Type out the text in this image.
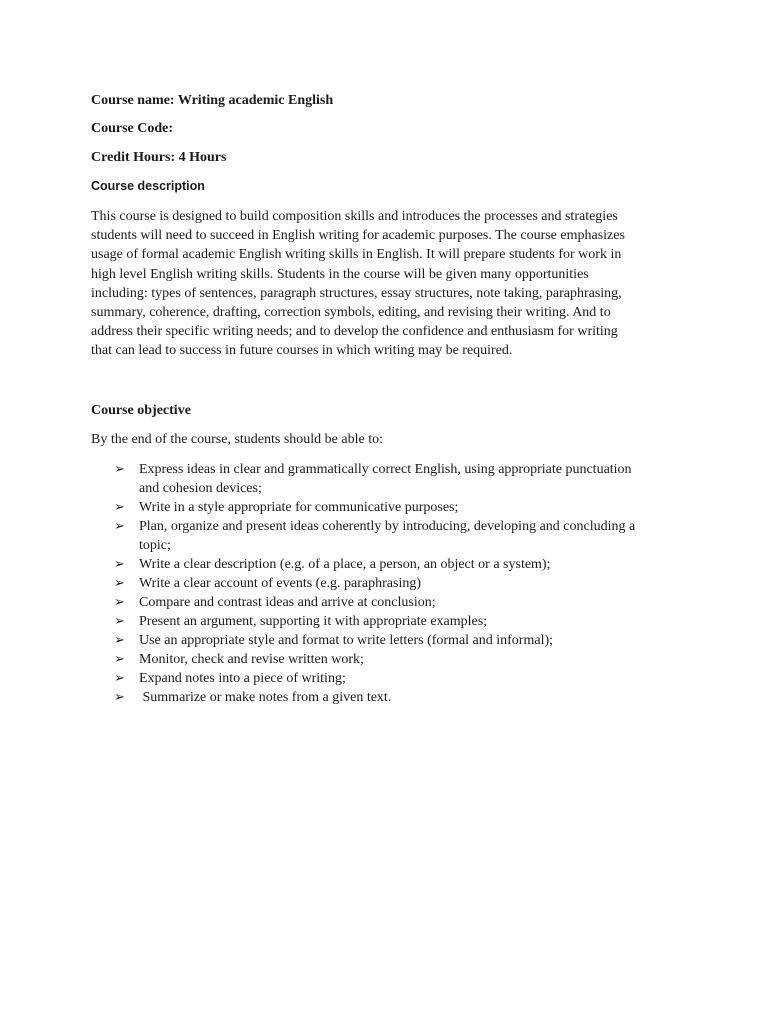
Course name: Writing academic English
Course Code:
Credit Hours: 4 Hours
Course description
This course is designed to build composition skills and introduces the processes and strategies
students will need to succeed in English writing for academic purposes. The course emphasizes
usage of formal academic English writing skills in English. It will prepare students for work in
high level English writing skills. Students in the course will be given many opportunities
including: types of sentences, paragraph structures, essay structures, note taking, paraphrasing,
summary, coherence, drafting, correction symbols, editing, and revising their writing. And to
address their specific writing needs; and to develop the confidence and enthusiasm for writing
that can lead to success in future courses in which writing may be required.
Course objective
By the end of the course, students should be able to:
➢ Express ideas in clear and grammatically correct English, using appropriate punctuation
and cohesion devices;
➢ Write in a style appropriate for communicative purposes;
➢ Plan, organize and present ideas coherently by introducing, developing and concluding a
topic;
➢ Write a clear description (e.g. of a place, a person, an object or a system);
➢ Write a clear account of events (e.g. paraphrasing)
➢ Compare and contrast ideas and arrive at conclusion;
➢ Present an argument, supporting it with appropriate examples;
➢ Use an appropriate style and format to write letters (formal and informal);
➢ Monitor, check and revise written work;
➢ Expand notes into a piece of writing;
➢ Summarize or make notes from a given text.
